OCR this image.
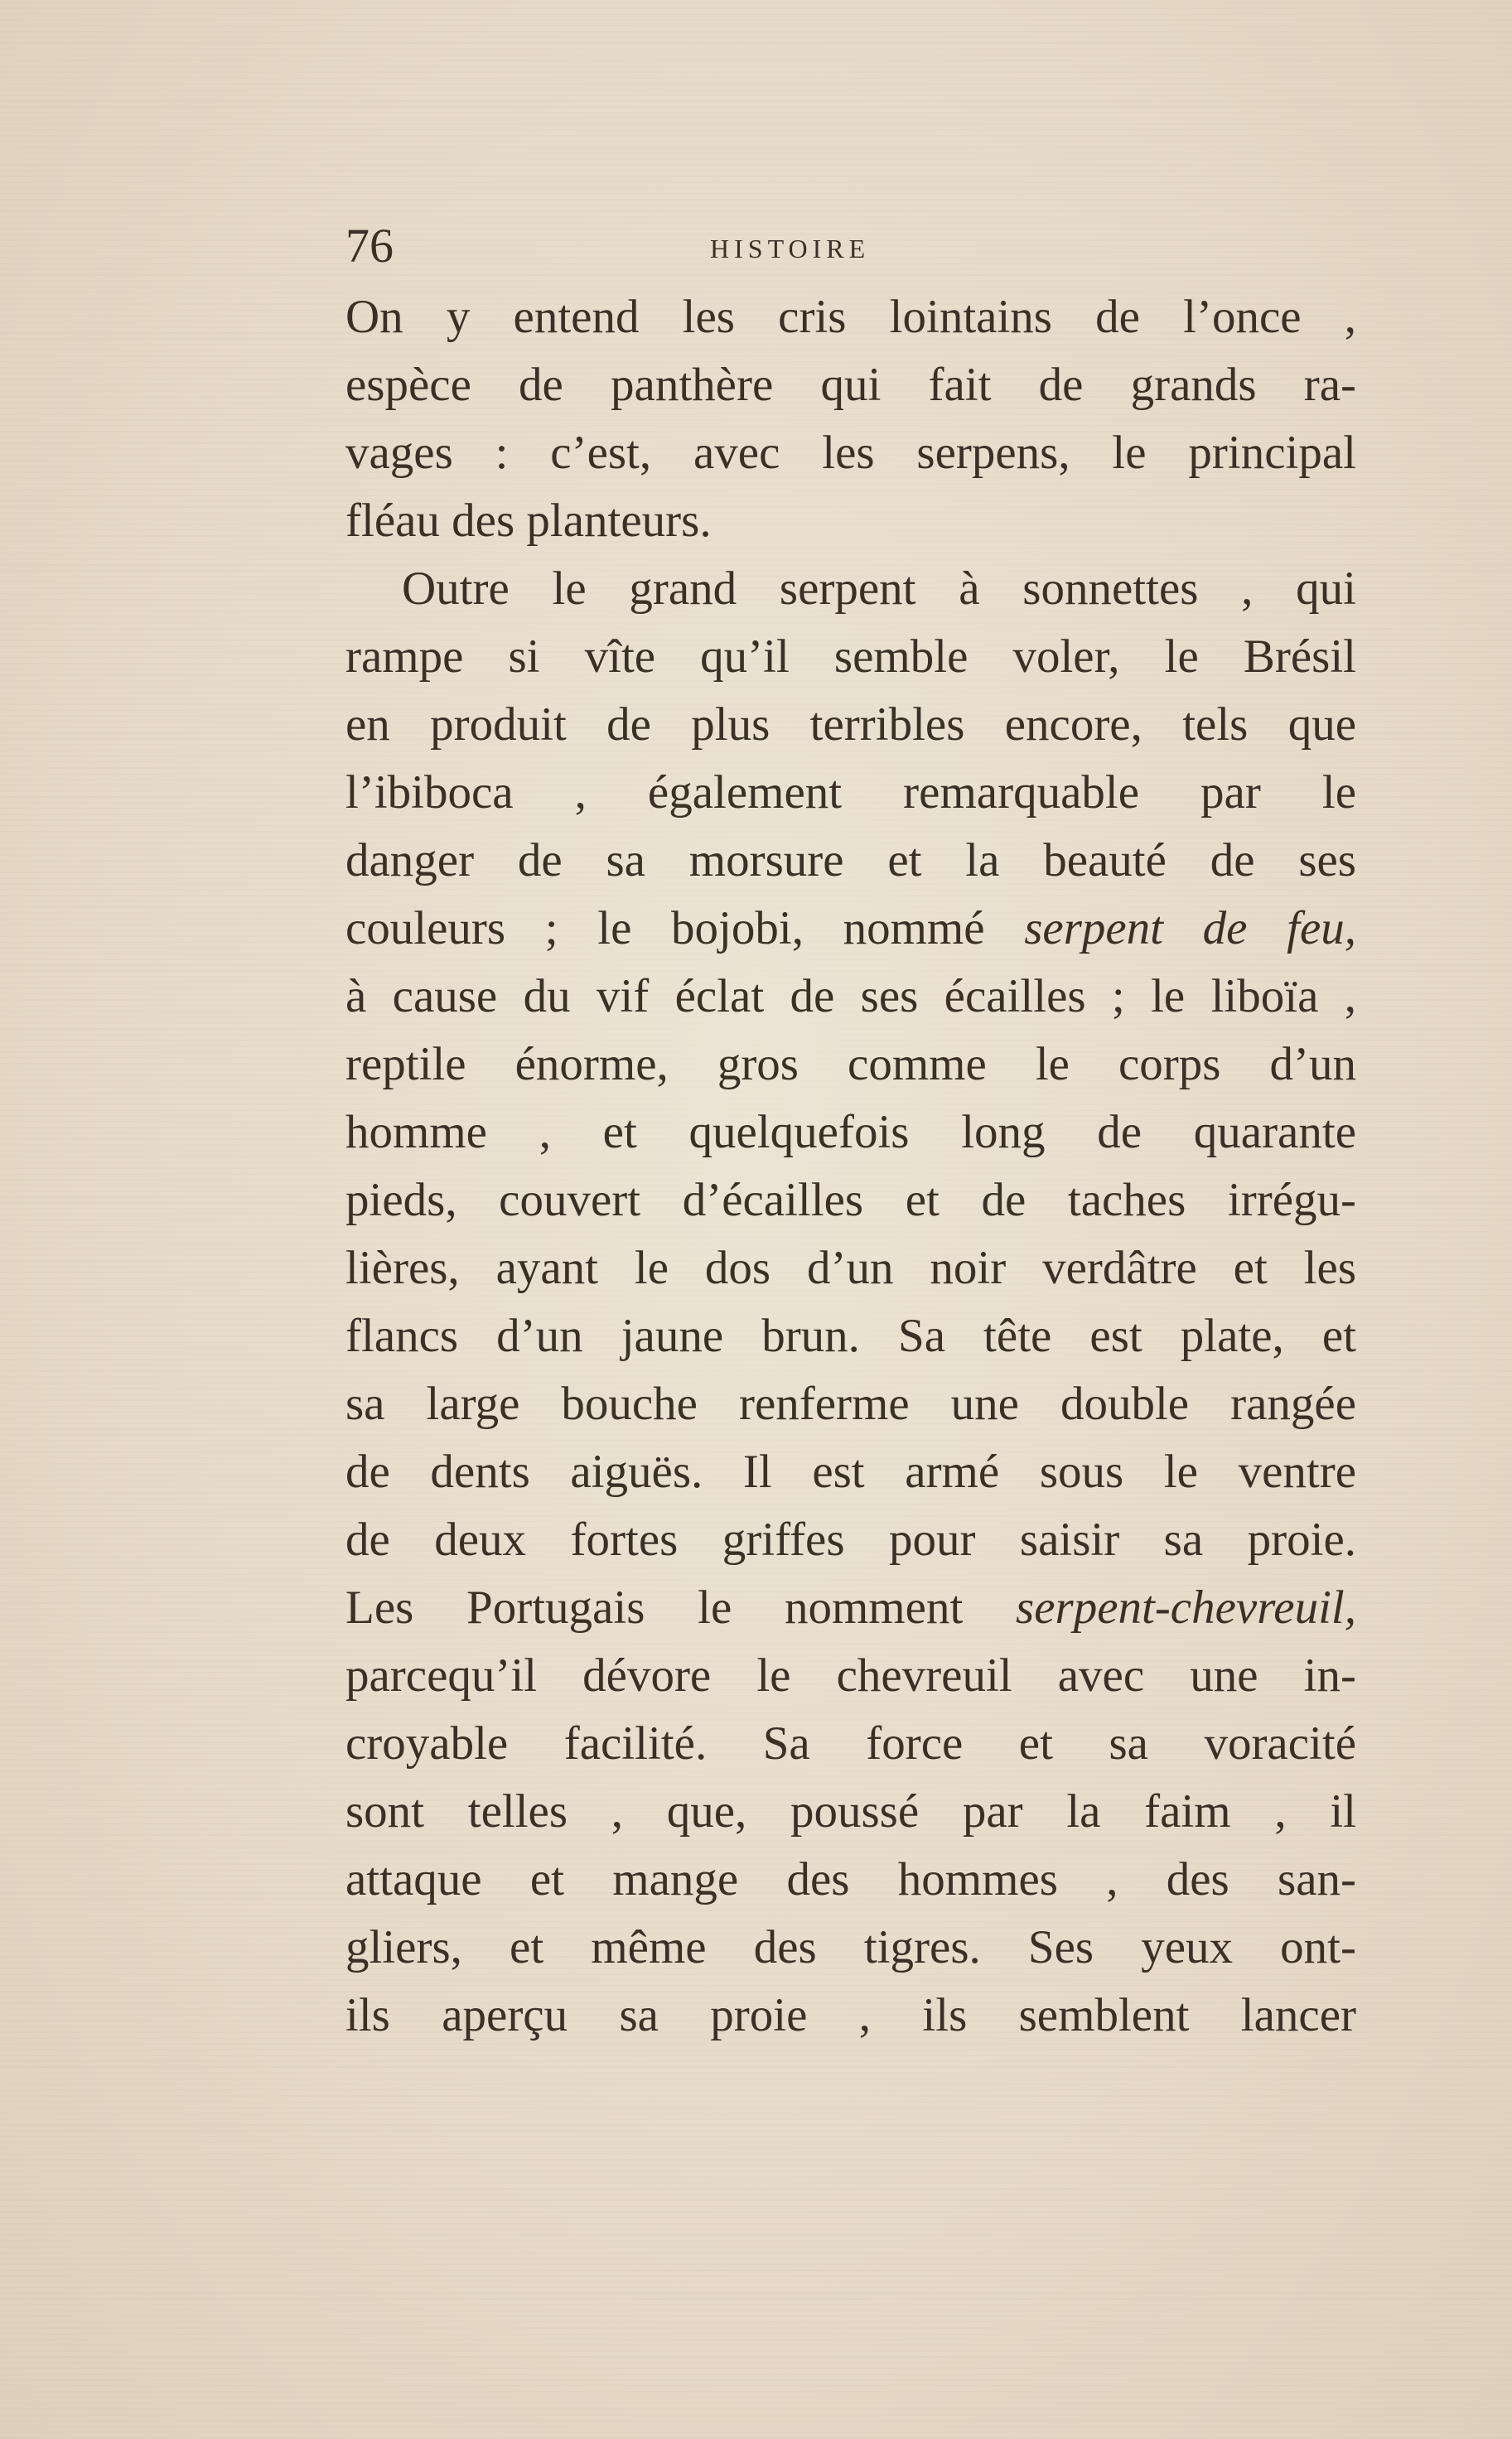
76	HISTOIRE
On y entend les cris lointains de l’once ,
espèce de panthère qui fait de grands ra-
vages : c’est, avec les serpens, le principal
fléau des planteurs.
Outre le grand serpent à sonnettes , qui
rampe si vîte qu’il semble voler, le Brésil
en produit de plus terribles encore, tels que
l’ibiboca , également remarquable par le
danger de sa morsure et la beauté de ses
couleurs ; le bojobi, nommé serpent de feu,
à cause du vif éclat de ses écailles ; le liboïa ,
reptile énorme, gros comme le corps d’un
homme , et quelquefois long de quarante
pieds, couvert d’écailles et de taches irrégu-
lières, ayant le dos d’un noir verdâtre et les
flancs d’un jaune brun. Sa tête est plate, et
sa large bouche renferme une double rangée
de dents aiguës. Il est armé sous le ventre
de deux fortes griffes pour saisir sa proie.
Les Portugais le nomment serpent-chevreuil,
parcequ’il dévore le chevreuil avec une in-
croyable facilité. Sa force et sa voracité
sont telles , que, poussé par la faim , il
attaque et mange des hommes , des san-
gliers, et même des tigres. Ses yeux ont-
ils aperçu sa proie , ils semblent lancer
